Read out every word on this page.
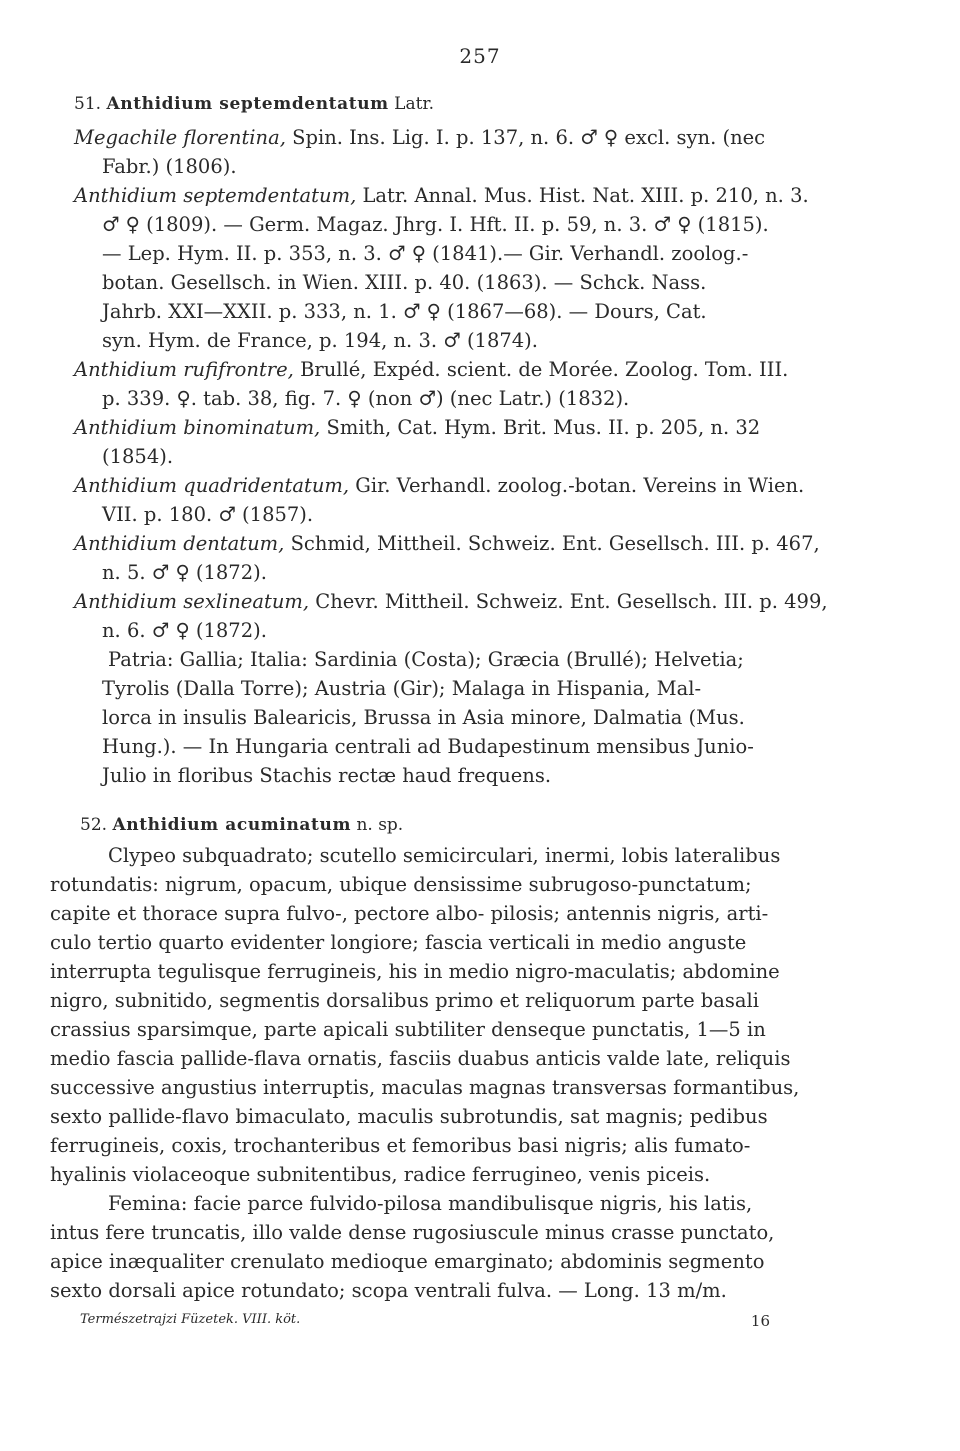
257
51. Anthidium septemdentatum Latr.
Megachile florentina, Spin. Ins. Lig. I. p. 137, n. 6. ♂ ♀ excl. syn. (nec
Fabr.) (1806).
Anthidium septemdentatum, Latr. Annal. Mus. Hist. Nat. XIII. p. 210, n. 3.
♂ ♀ (1809). — Germ. Magaz. Jhrg. I. Hft. II. p. 59, n. 3. ♂ ♀ (1815).
— Lep. Hym. II. p. 353, n. 3. ♂ ♀ (1841).— Gir. Verhandl. zoolog.-
botan. Gesellsch. in Wien. XIII. p. 40. (1863). — Schck. Nass.
Jahrb. XXI—XXII. p. 333, n. 1. ♂ ♀ (1867—68). — Dours, Cat.
syn. Hym. de France, p. 194, n. 3. ♂ (1874).
Anthidium rufifrontre, Brullé, Expéd. scient. de Morée. Zoolog. Tom. III.
p. 339. ♀. tab. 38, fig. 7. ♀ (non ♂) (nec Latr.) (1832).
Anthidium binominatum, Smith, Cat. Hym. Brit. Mus. II. p. 205, n. 32
(1854).
Anthidium quadridentatum, Gir. Verhandl. zoolog.-botan. Vereins in Wien.
VII. p. 180. ♂ (1857).
Anthidium dentatum, Schmid, Mittheil. Schweiz. Ent. Gesellsch. III. p. 467,
n. 5. ♂ ♀ (1872).
Anthidium sexlineatum, Chevr. Mittheil. Schweiz. Ent. Gesellsch. III. p. 499,
n. 6. ♂ ♀ (1872).
Patria: Gallia; Italia: Sardinia (Costa); Græcia (Brullé); Helvetia;
Tyrolis (Dalla Torre); Austria (Gir); Malaga in Hispania, Mal-
lorca in insulis Balearicis, Brussa in Asia minore, Dalmatia (Mus.
Hung.). — In Hungaria centrali ad Budapestinum mensibus Junio-
Julio in floribus Stachis rectæ haud frequens.
52. Anthidium acuminatum n. sp.
Clypeo subquadrato; scutello semicirculari, inermi, lobis lateralibus
rotundatis: nigrum, opacum, ubique densissime subrugoso-punctatum;
capite et thorace supra fulvo-, pectore albo- pilosis; antennis nigris, arti-
culo tertio quarto evidenter longiore; fascia verticali in medio anguste
interrupta tegulisque ferrugineis, his in medio nigro-maculatis; abdomine
nigro, subnitido, segmentis dorsalibus primo et reliquorum parte basali
crassius sparsimque, parte apicali subtiliter denseque punctatis, 1—5 in
medio fascia pallide-flava ornatis, fasciis duabus anticis valde late, reliquis
successive angustius interruptis, maculas magnas transversas formantibus,
sexto pallide-flavo bimaculato, maculis subrotundis, sat magnis; pedibus
ferrugineis, coxis, trochanteribus et femoribus basi nigris; alis fumato-
hyalinis violaceoque subnitentibus, radice ferrugineo, venis piceis.
Femina: facie parce fulvido-pilosa mandibulisque nigris, his latis,
intus fere truncatis, illo valde dense rugosiuscule minus crasse punctato,
apice inæqualiter crenulato medioque emarginato; abdominis segmento
sexto dorsali apice rotundato; scopa ventrali fulva. — Long. 13 m/m.
Természetrajzi Füzetek. VIII. köt.	16
